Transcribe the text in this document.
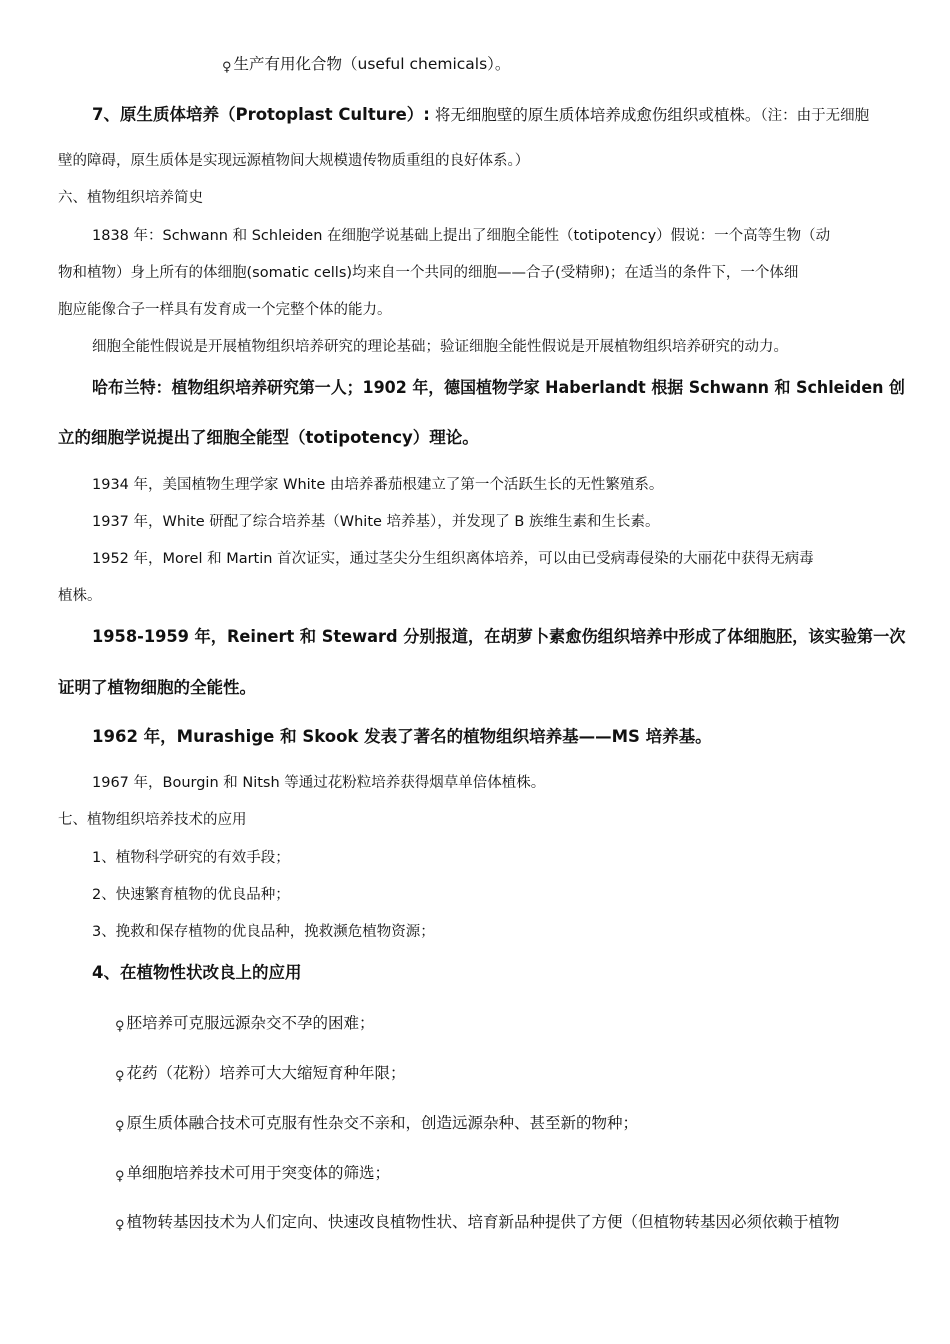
♀ 生产有用化合物（useful chemicals）。
7、原生质体培养（Protoplast Culture）: 将无细胞壁的原生质体培养成愈伤组织或植株。（注：由于无细胞
壁的障碍，原生质体是实现远源植物间大规模遗传物质重组的良好体系。）
六、植物组织培养简史
1838 年：Schwann 和 Schleiden 在细胞学说基础上提出了细胞全能性（totipotency）假说：一个高等生物（动
物和植物）身上所有的体细胞(somatic cells)均来自一个共同的细胞——合子(受精卵)；在适当的条件下，一个体细
胞应能像合子一样具有发育成一个完整个体的能力。
细胞全能性假说是开展植物组织培养研究的理论基础；验证细胞全能性假说是开展植物组织培养研究的动力。
哈布兰特：植物组织培养研究第一人；1902 年，德国植物学家 Haberlandt 根据 Schwann 和 Schleiden 创
立的细胞学说提出了细胞全能型（totipotency）理论。
1934 年，美国植物生理学家 White 由培养番茄根建立了第一个活跃生长的无性繁殖系。
1937 年，White 研配了综合培养基（White 培养基），并发现了 B 族维生素和生长素。
1952 年，Morel 和 Martin 首次证实，通过茎尖分生组织离体培养，可以由已受病毒侵染的大丽花中获得无病毒
植株。
1958-1959 年，Reinert 和 Steward 分别报道，在胡萝卜素愈伤组织培养中形成了体细胞胚，该实验第一次
证明了植物细胞的全能性。
1962 年，Murashige 和 Skook 发表了著名的植物组织培养基——MS 培养基。
1967 年，Bourgin 和 Nitsh 等通过花粉粒培养获得烟草单倍体植株。
七、植物组织培养技术的应用
1、植物科学研究的有效手段；
2、快速繁育植物的优良品种；
3、挽救和保存植物的优良品种，挽救濒危植物资源；
4、在植物性状改良上的应用
♀ 胚培养可克服远源杂交不孕的困难；
♀ 花药（花粉）培养可大大缩短育种年限；
♀ 原生质体融合技术可克服有性杂交不亲和，创造远源杂种、甚至新的物种；
♀ 单细胞培养技术可用于突变体的筛选；
♀ 植物转基因技术为人们定向、快速改良植物性状、培育新品种提供了方便（但植物转基因必须依赖于植物
